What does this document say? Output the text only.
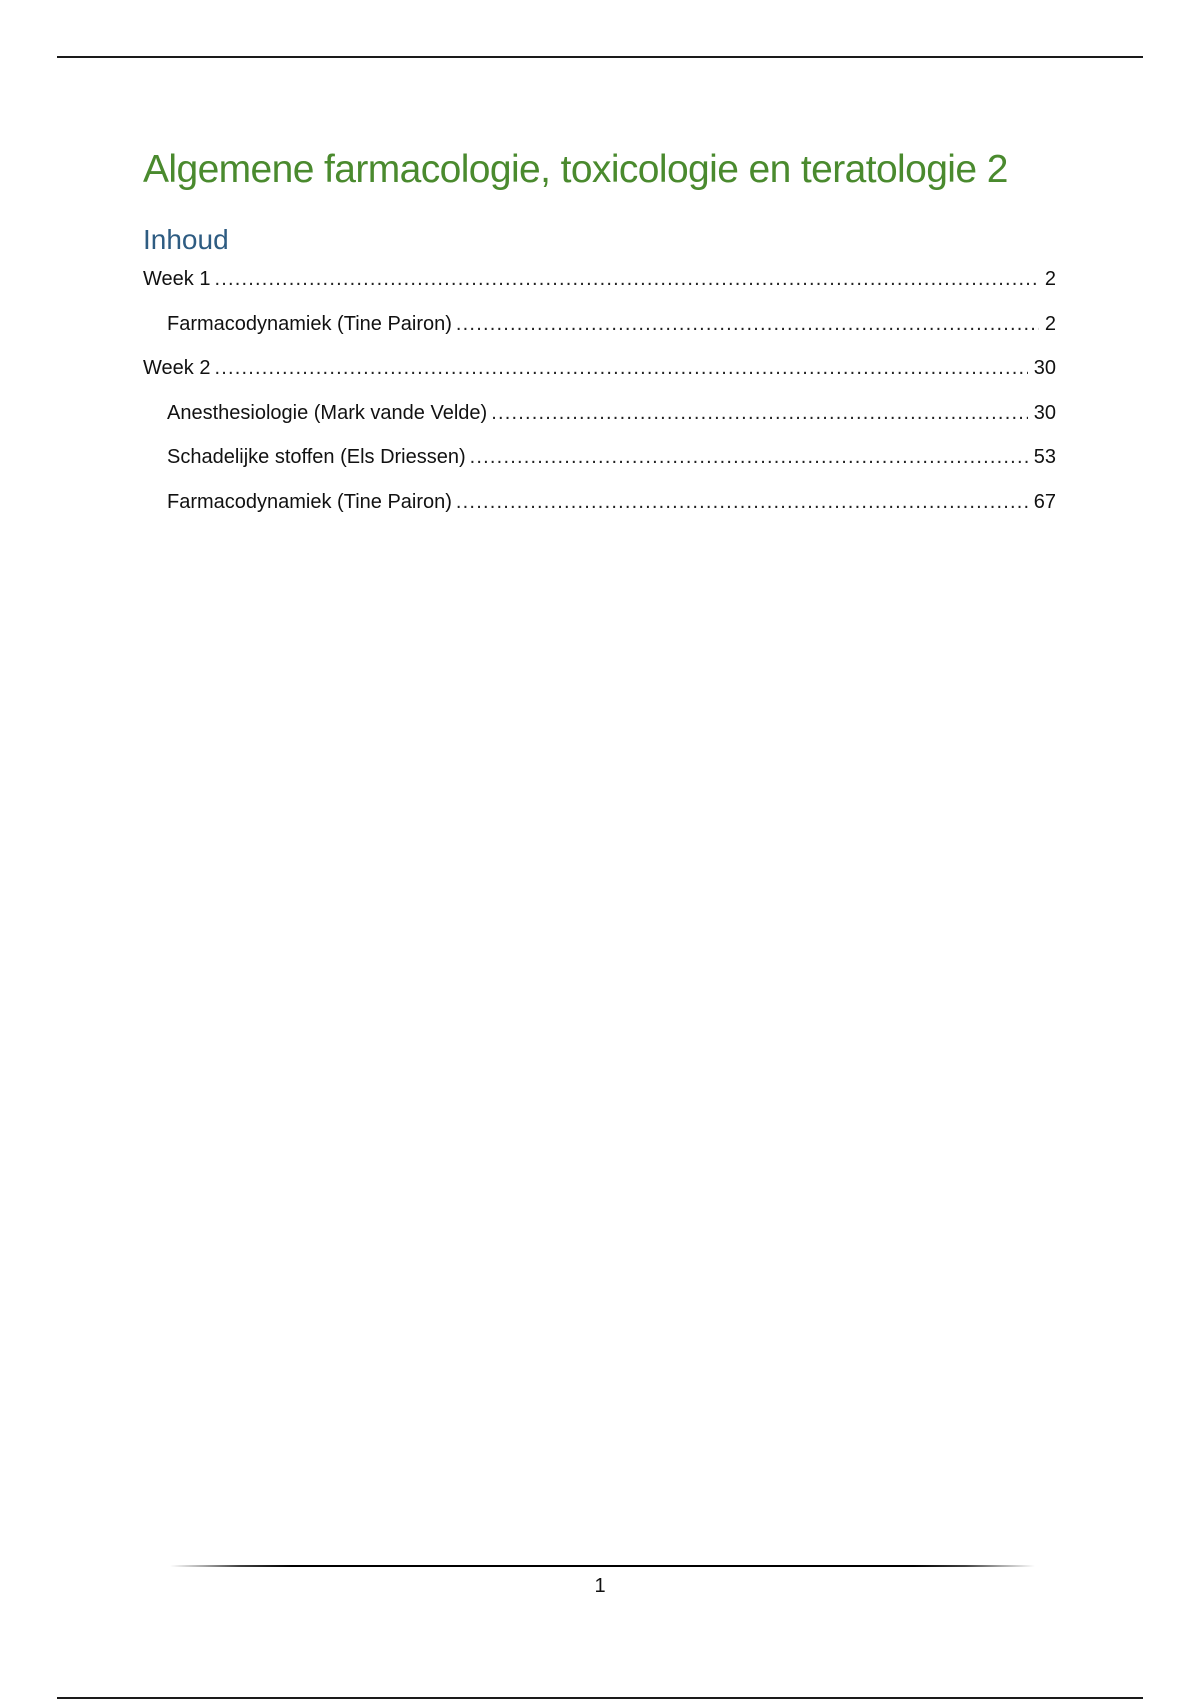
Algemene farmacologie, toxicologie en teratologie 2
Inhoud
Week 1 .....	2
Farmacodynamiek (Tine Pairon) .....	2
Week 2 .....	30
Anesthesiologie (Mark vande Velde) .....	30
Schadelijke stoffen (Els Driessen) .....	53
Farmacodynamiek (Tine Pairon) .....	67
1
